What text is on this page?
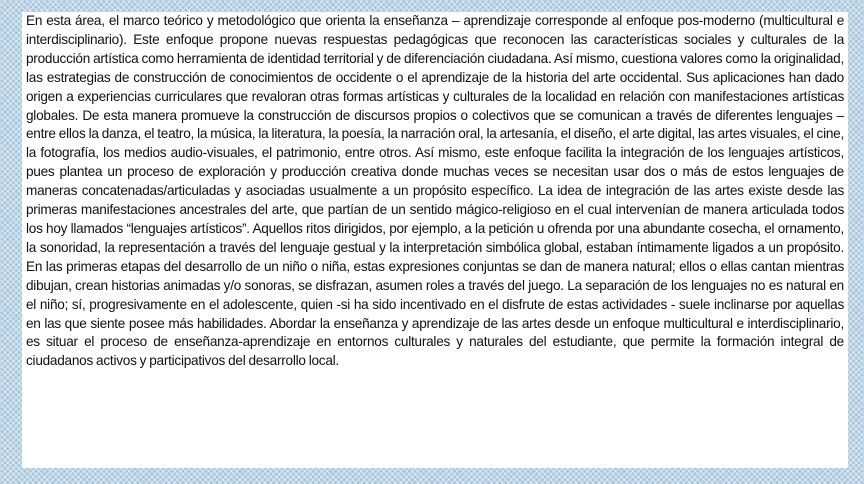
En esta área, el marco teórico y metodológico que orienta la enseñanza – aprendizaje corresponde al enfoque pos-moderno (multicultural e interdisciplinario). Este enfoque propone nuevas respuestas pedagógicas que reconocen las características sociales y culturales de la producción artística como herramienta de identidad territorial y de diferenciación ciudadana. Así mismo, cuestiona valores como la originalidad, las estrategias de construcción de conocimientos de occidente o el aprendizaje de la historia del arte occidental. Sus aplicaciones han dado origen a experiencias curriculares que revaloran otras formas artísticas y culturales de la localidad en relación con manifestaciones artísticas globales. De esta manera promueve la construcción de discursos propios o colectivos que se comunican a través de diferentes lenguajes – entre ellos la danza, el teatro, la música, la literatura, la poesía, la narración oral, la artesanía, el diseño, el arte digital, las artes visuales, el cine, la fotografía, los medios audio-visuales, el patrimonio, entre otros. Así mismo, este enfoque facilita la integración de los lenguajes artísticos, pues plantea un proceso de exploración y producción creativa donde muchas veces se necesitan usar dos o más de estos lenguajes de maneras concatenadas/articuladas y asociadas usualmente a un propósito específico. La idea de integración de las artes existe desde las primeras manifestaciones ancestrales del arte, que partían de un sentido mágico-religioso en el cual intervenían de manera articulada todos los hoy llamados “lenguajes artísticos”. Aquellos ritos dirigidos, por ejemplo, a la petición u ofrenda por una abundante cosecha, el ornamento, la sonoridad, la representación a través del lenguaje gestual y la interpretación simbólica global, estaban íntimamente ligados a un propósito. En las primeras etapas del desarrollo de un niño o niña, estas expresiones conjuntas se dan de manera natural; ellos o ellas cantan mientras dibujan, crean historias animadas y/o sonoras, se disfrazan, asumen roles a través del juego. La separación de los lenguajes no es natural en el niño; sí, progresivamente en el adolescente, quien -si ha sido incentivado en el disfrute de estas actividades - suele inclinarse por aquellas en las que siente posee más habilidades. Abordar la enseñanza y aprendizaje de las artes desde un enfoque multicultural e interdisciplinario, es situar el proceso de enseñanza-aprendizaje en entornos culturales y naturales del estudiante, que permite la formación integral de ciudadanos activos y participativos del desarrollo local.
